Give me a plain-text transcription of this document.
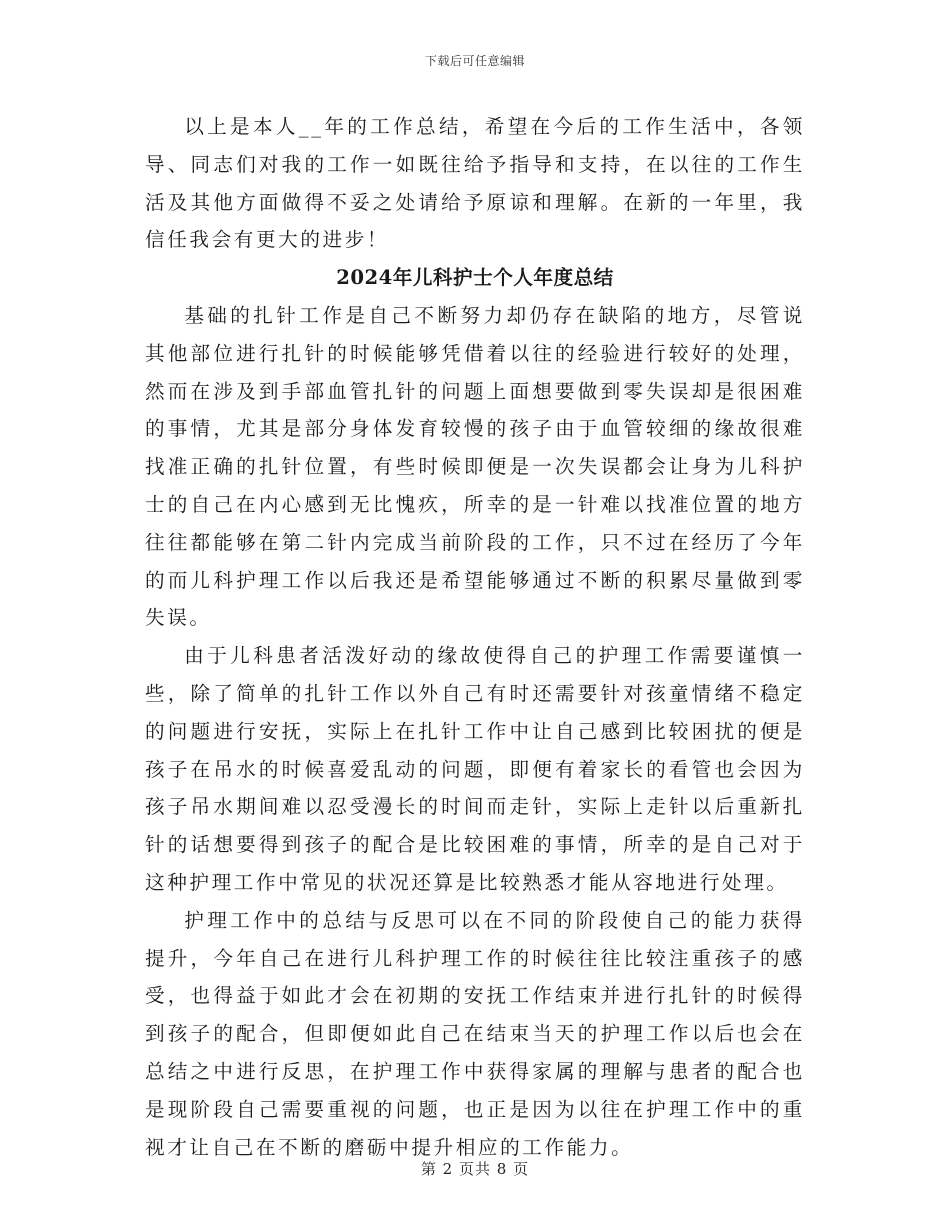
下载后可任意编辑

以上是本人__年的工作总结，希望在今后的工作生活中，各领导、同志们对我的工作一如既往给予指导和支持，在以往的工作生活及其他方面做得不妥之处请给予原谅和理解。在新的一年里，我信任我会有更大的进步！

2024年儿科护士个人年度总结

基础的扎针工作是自己不断努力却仍存在缺陷的地方，尽管说其他部位进行扎针的时候能够凭借着以往的经验进行较好的处理，然而在涉及到手部血管扎针的问题上面想要做到零失误却是很困难的事情，尤其是部分身体发育较慢的孩子由于血管较细的缘故很难找准正确的扎针位置，有些时候即便是一次失误都会让身为儿科护士的自己在内心感到无比愧疚，所幸的是一针难以找准位置的地方往往都能够在第二针内完成当前阶段的工作，只不过在经历了今年的而儿科护理工作以后我还是希望能够通过不断的积累尽量做到零失误。

由于儿科患者活泼好动的缘故使得自己的护理工作需要谨慎一些，除了简单的扎针工作以外自己有时还需要针对孩童情绪不稳定的问题进行安抚，实际上在扎针工作中让自己感到比较困扰的便是孩子在吊水的时候喜爱乱动的问题，即便有着家长的看管也会因为孩子吊水期间难以忍受漫长的时间而走针，实际上走针以后重新扎针的话想要得到孩子的配合是比较困难的事情，所幸的是自己对于这种护理工作中常见的状况还算是比较熟悉才能从容地进行处理。

护理工作中的总结与反思可以在不同的阶段使自己的能力获得提升，今年自己在进行儿科护理工作的时候往往比较注重孩子的感受，也得益于如此才会在初期的安抚工作结束并进行扎针的时候得到孩子的配合，但即便如此自己在结束当天的护理工作以后也会在总结之中进行反思，在护理工作中获得家属的理解与患者的配合也是现阶段自己需要重视的问题，也正是因为以往在护理工作中的重视才让自己在不断的磨砺中提升相应的工作能力。

第 2 页共 8 页
